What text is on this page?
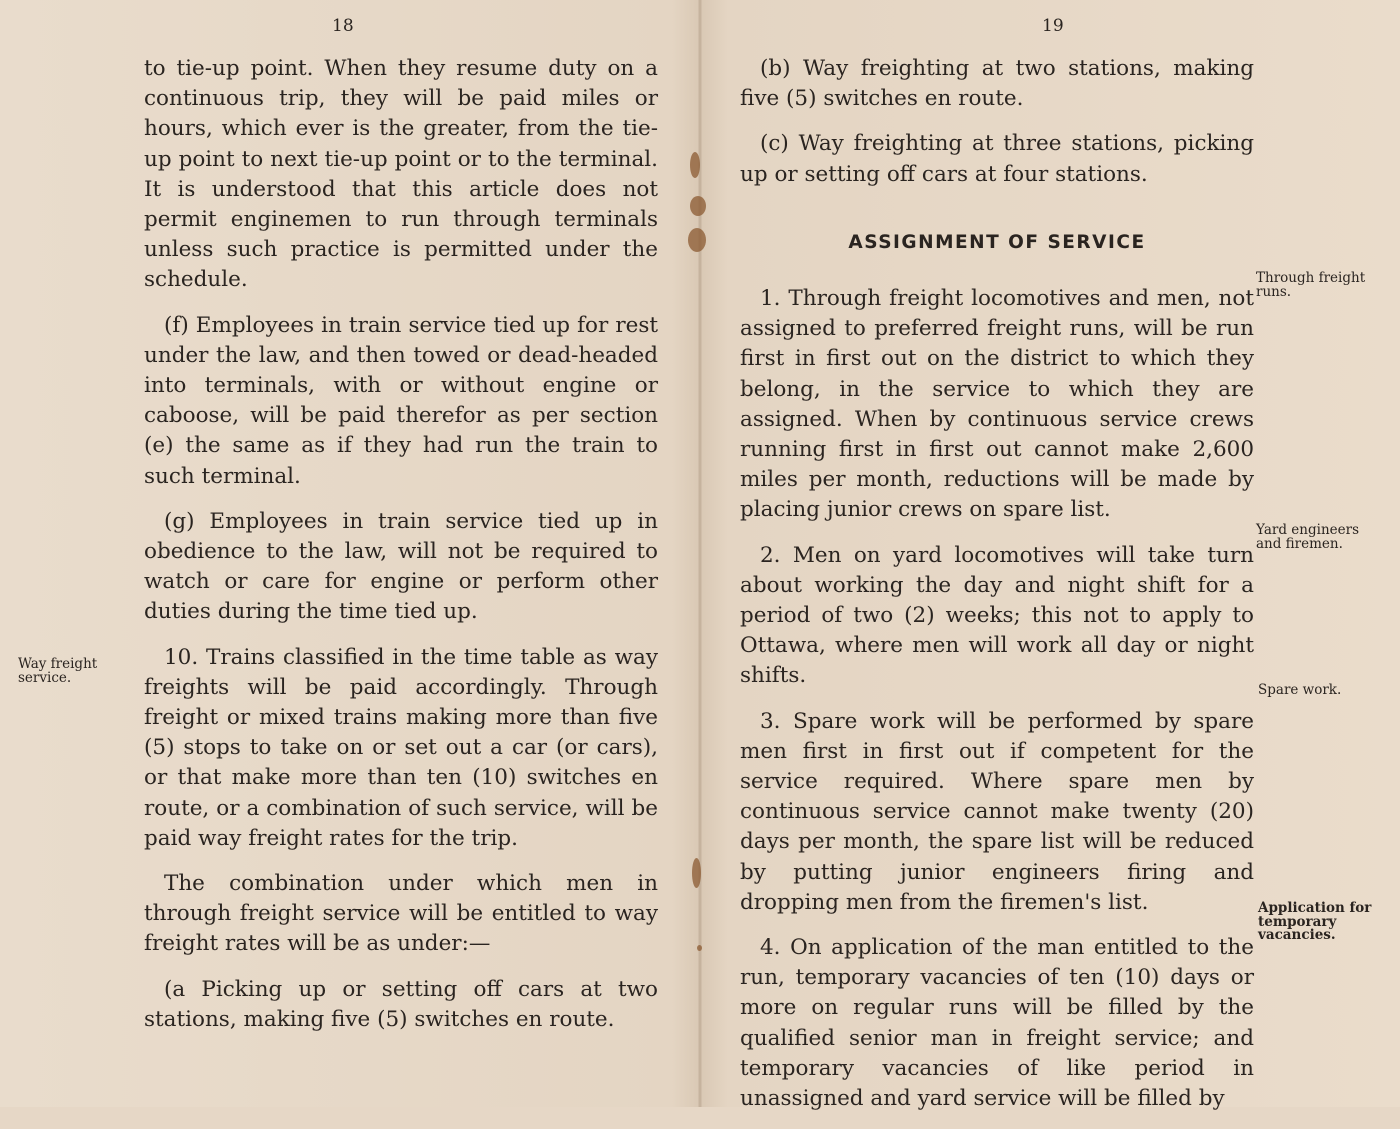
18
Way freight service.

to tie-up point. When they resume duty on a continuous trip, they will be paid miles or hours, which ever is the greater, from the tie-up point to next tie-up point or to the terminal. It is understood that this article does not permit enginemen to run through terminals unless such practice is permitted under the schedule.

(f) Employees in train service tied up for rest under the law, and then towed or dead-headed into terminals, with or without engine or caboose, will be paid therefor as per section (e) the same as if they had run the train to such terminal.

(g) Employees in train service tied up in obedience to the law, will not be required to watch or care for engine or perform other duties during the time tied up.

10. Trains classified in the time table as way freights will be paid accordingly. Through freight or mixed trains making more than five (5) stops to take on or set out a car (or cars), or that make more than ten (10) switches en route, or a combination of such service, will be paid way freight rates for the trip.

The combination under which men in through freight service will be entitled to way freight rates will be as under:—

(a Picking up or setting off cars at two stations, making five (5) switches en route.

19

(b) Way freighting at two stations, making five (5) switches en route.

(c) Way freighting at three stations, picking up or setting off cars at four stations.

ASSIGNMENT OF SERVICE

1. Through freight locomotives and men, not assigned to preferred freight runs, will be run first in first out on the district to which they belong, in the service to which they are assigned. When by continuous service crews running first in first out cannot make 2,600 miles per month, reductions will be made by placing junior crews on spare list.

2. Men on yard locomotives will take turn about working the day and night shift for a period of two (2) weeks; this not to apply to Ottawa, where men will work all day or night shifts.

3. Spare work will be performed by spare men first in first out if competent for the service required. Where spare men by continuous service cannot make twenty (20) days per month, the spare list will be reduced by putting junior engineers firing and dropping men from the firemen's list.

4. On application of the man entitled to the run, temporary vacancies of ten (10) days or more on regular runs will be filled by the qualified senior man in freight service; and temporary vacancies of like period in unassigned and yard service will be filled by

Through freight runs.
Yard engineers and firemen.
Spare work.
Application for temporary vacancies.
